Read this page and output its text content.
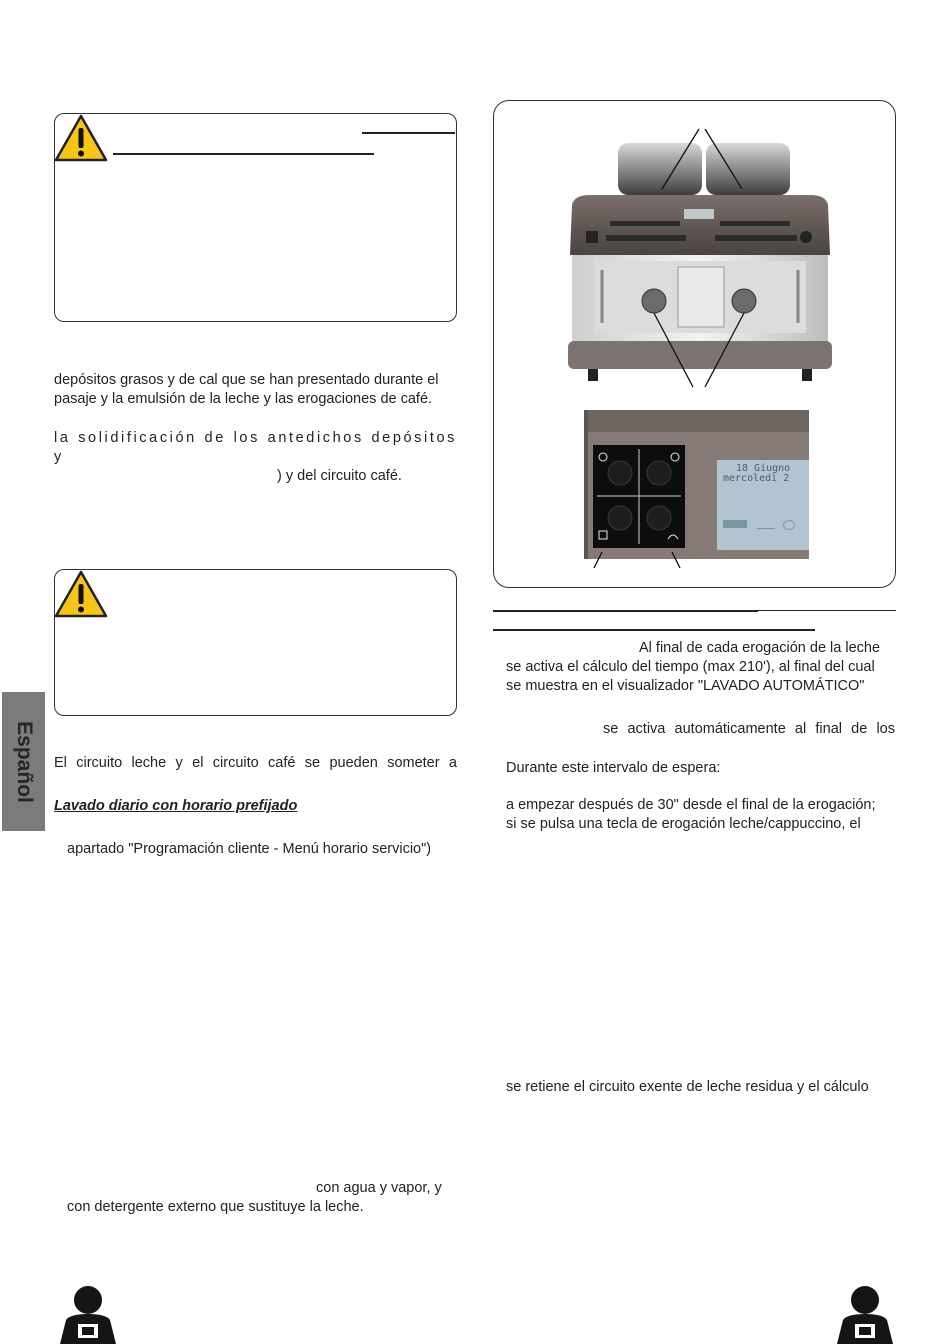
depósitos grasos y de cal que se han presentado durante el
pasaje y la emulsión de la leche y las erogaciones de café.
la solidificación de los antedichos depósitos y
) y del circuito café.
El circuito leche y el circuito café se pueden someter a
Lavado diario con horario prefijado
apartado "Programación cliente - Menú horario servicio")
con agua y vapor, y
con detergente externo que sustituye la leche.
Español
18 Giugno
mercoledì 2
Al final de cada erogación de la leche
se activa el cálculo del tiempo (max 210'), al final del cual
se muestra en el visualizador "LAVADO AUTOMÁTICO"
se activa automáticamente al final de los
Durante este intervalo de espera:
a empezar después de 30" desde el final de la erogación;
si se pulsa una tecla de erogación leche/cappuccino, el
se retiene el circuito exente de leche residua y el cálculo
